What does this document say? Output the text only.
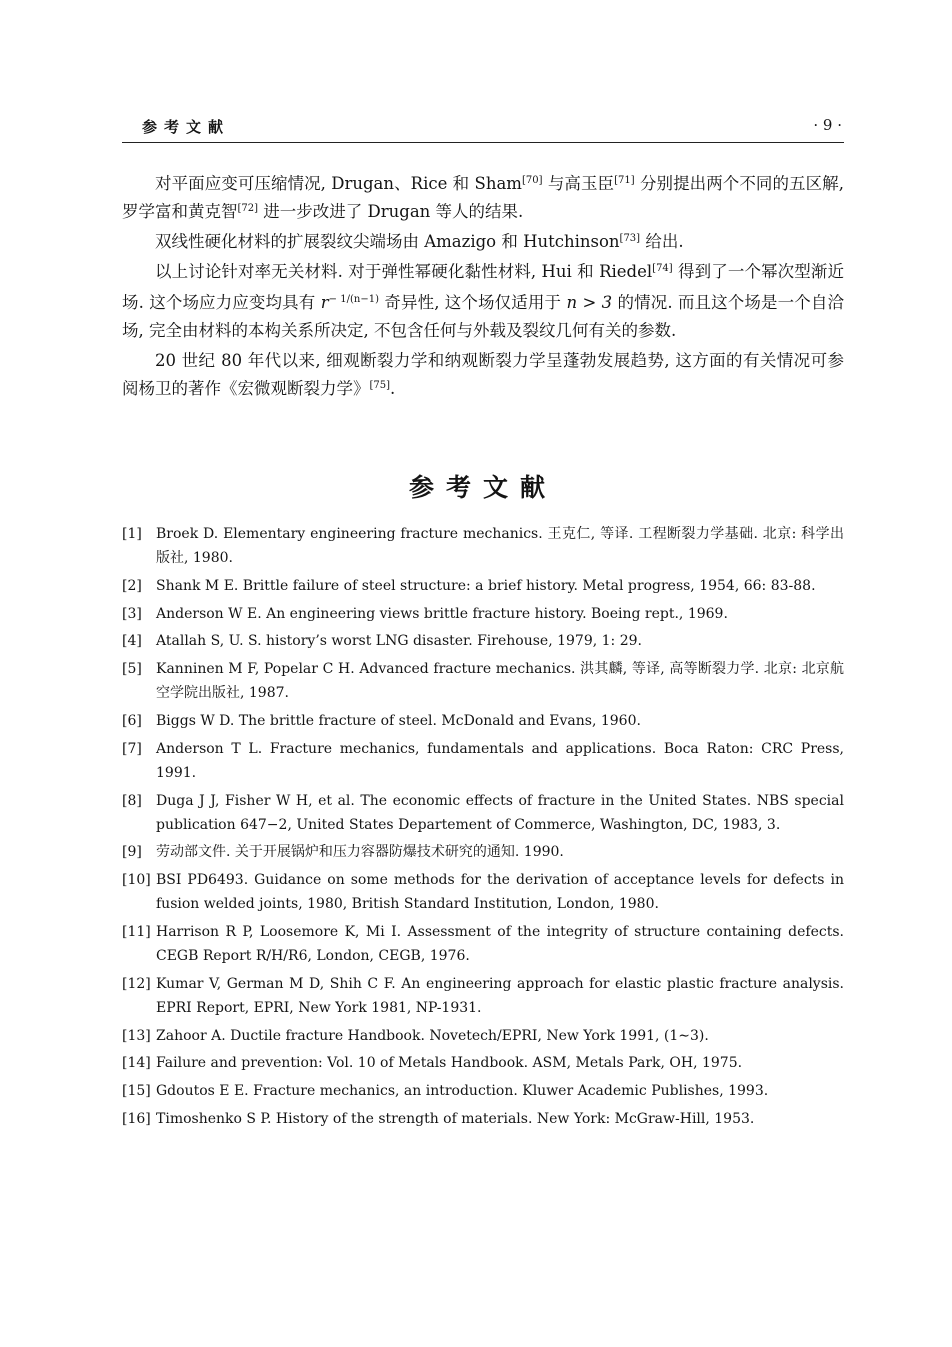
参考文献	· 9 ·

对平面应变可压缩情况, Drugan、Rice 和 Sham[70] 与高玉臣[71] 分别提出两个不同的五区解, 罗学富和黄克智[72] 进一步改进了 Drugan 等人的结果.

双线性硬化材料的扩展裂纹尖端场由 Amazigo 和 Hutchinson[73] 给出.

以上讨论针对率无关材料. 对于弹性幂硬化黏性材料, Hui 和 Riedel[74] 得到了一个幂次型渐近场. 这个场应力应变均具有 $r^{- 1/(n-1)}$ 奇异性, 这个场仅适用于 n > 3 的情况. 而且这个场是一个自洽场, 完全由材料的本构关系所决定, 不包含任何与外载及裂纹几何有关的参数.

20 世纪 80 年代以来, 细观断裂力学和纳观断裂力学呈蓬勃发展趋势, 这方面的有关情况可参阅杨卫的著作《宏微观断裂力学》[75].

参考文献
[1] Broek D. Elementary engineering fracture mechanics. 王克仁, 等译. 工程断裂力学基础. 北京: 科学出版社, 1980.
[2] Shank M E. Brittle failure of steel structure: a brief history. Metal progress, 1954, 66: 83-88.
[3] Anderson W E. An engineering views brittle fracture history. Boeing rept., 1969.
[4] Atallah S, U. S. history’s worst LNG disaster. Firehouse, 1979, 1: 29.
[5] Kanninen M F, Popelar C H. Advanced fracture mechanics. 洪其麟, 等译, 高等断裂力学. 北京: 北京航空学院出版社, 1987.
[6] Biggs W D. The brittle fracture of steel. McDonald and Evans, 1960.
[7] Anderson T L. Fracture mechanics, fundamentals and applications. Boca Raton: CRC Press, 1991.
[8] Duga J J, Fisher W H, et al. The economic effects of fracture in the United States. NBS special publication 647−2, United States Departement of Commerce, Washington, DC, 1983, 3.
[9] 劳动部文件. 关于开展锅炉和压力容器防爆技术研究的通知. 1990.
[10] BSI PD6493. Guidance on some methods for the derivation of acceptance levels for defects in fusion welded joints, 1980, British Standard Institution, London, 1980.
[11] Harrison R P, Loosemore K, Mi I. Assessment of the integrity of structure containing defects. CEGB Report R/H/R6, London, CEGB, 1976.
[12] Kumar V, German M D, Shih C F. An engineering approach for elastic plastic fracture analysis. EPRI Report, EPRI, New York 1981, NP-1931.
[13] Zahoor A. Ductile fracture Handbook. Novetech/EPRI, New York 1991, (1∼3).
[14] Failure and prevention: Vol. 10 of Metals Handbook. ASM, Metals Park, OH, 1975.
[15] Gdoutos E E. Fracture mechanics, an introduction. Kluwer Academic Publishes, 1993.
[16] Timoshenko S P. History of the strength of materials. New York: McGraw-Hill, 1953.
